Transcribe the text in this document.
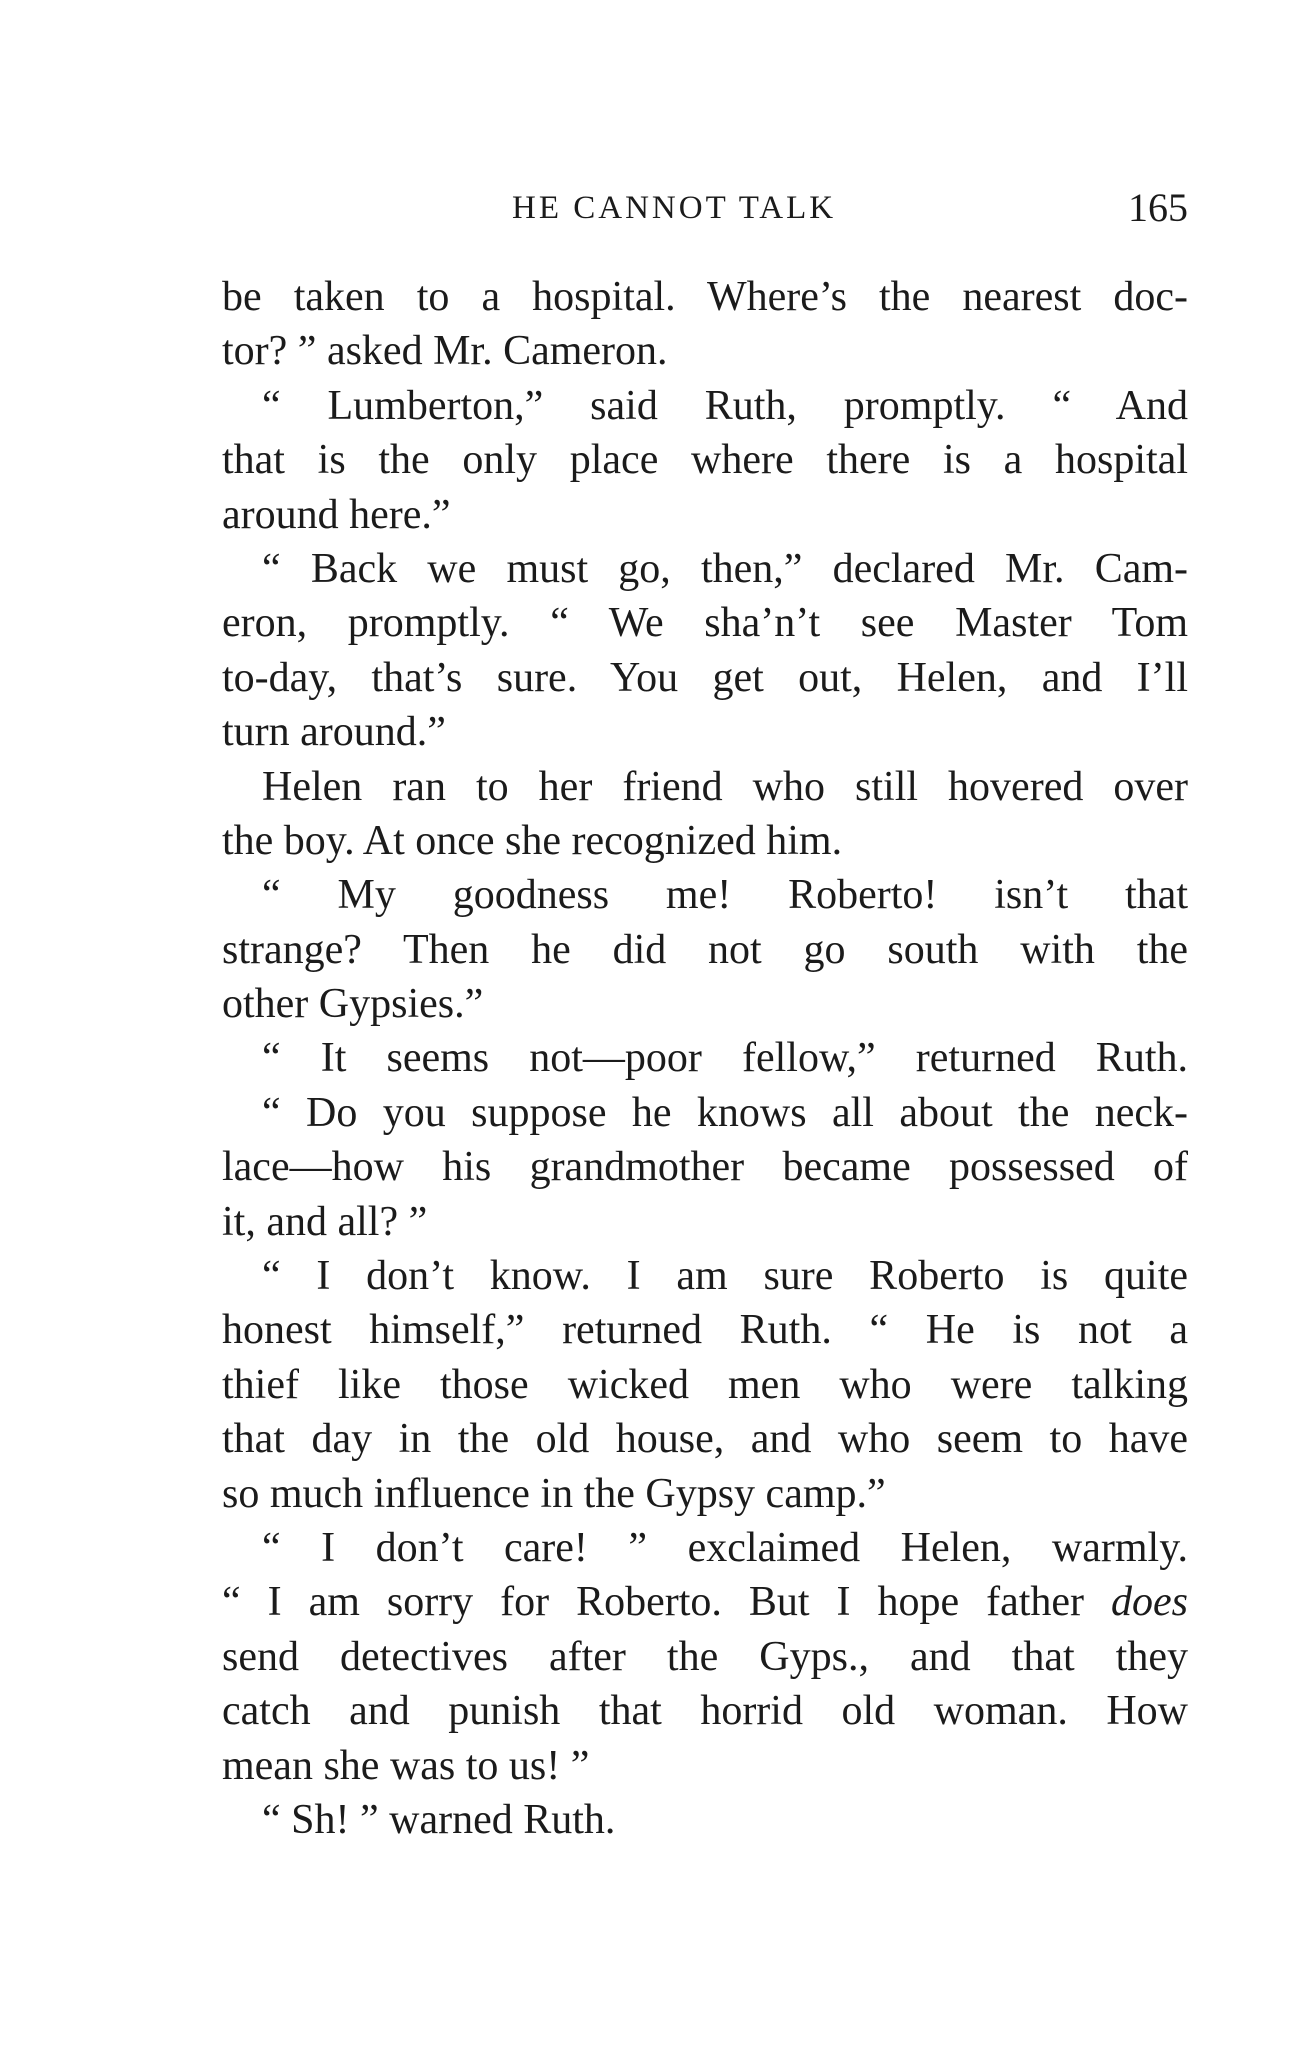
HE CANNOT TALK	165
be taken to a hospital. Where’s the nearest doc-
tor? ” asked Mr. Cameron.
“ Lumberton,” said Ruth, promptly. “ And
that is the only place where there is a hospital
around here.”
“ Back we must go, then,” declared Mr. Cam-
eron, promptly. “ We sha’n’t see Master Tom
to-day, that’s sure. You get out, Helen, and I’ll
turn around.”
Helen ran to her friend who still hovered over
the boy. At once she recognized him.
“ My goodness me! Roberto! isn’t that
strange? Then he did not go south with the
other Gypsies.”
“ It seems not—poor fellow,” returned Ruth.
“ Do you suppose he knows all about the neck-
lace—how his grandmother became possessed of
it, and all? ”
“ I don’t know. I am sure Roberto is quite
honest himself,” returned Ruth. “ He is not a
thief like those wicked men who were talking
that day in the old house, and who seem to have
so much influence in the Gypsy camp.”
“ I don’t care! ” exclaimed Helen, warmly.
“ I am sorry for Roberto. But I hope father does
send detectives after the Gyps., and that they
catch and punish that horrid old woman. How
mean she was to us! ”
“ Sh! ” warned Ruth.
